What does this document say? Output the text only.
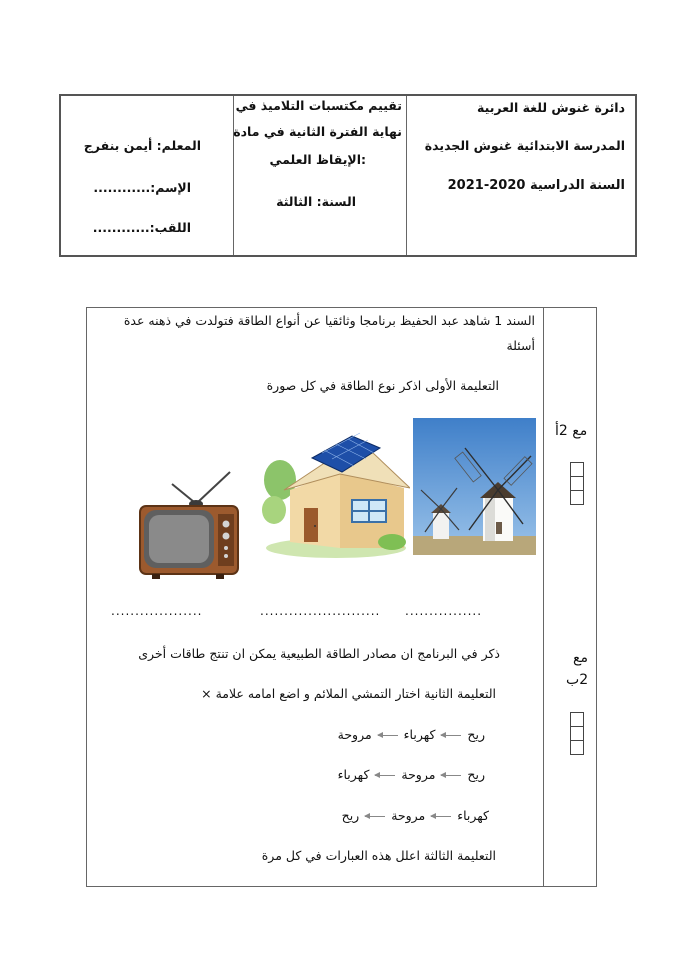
دائرة غنوش للغة العربية
المدرسة الابتدائية غنوش الجديدة
السنة الدراسية 2020-2021
تقييم مكتسبات التلاميذ في
نهاية الفترة الثانية في مادة
:الإيقاظ العلمي
السنة: الثالثة
المعلم: أيمن بنفرج
الإسم:............
اللقب:............
السند 1 شاهد عبد الحفيظ برنامجا وثائقيا عن أنواع الطاقة فتولدت في ذهنه عدة
أسئلة
التعليمة الأولى اذكر نوع الطاقة في كل صورة
مع 2أ
مع
2ب
...................	......................... ................
ذكر في البرنامج ان مصادر الطاقة الطبيعية يمكن ان تنتج طاقات أخرى
التعليمة الثانية اختار التمشي الملائم و اضع امامه علامة ×
ريح  كهرباء  مروحة
ريح  مروحة  كهرباء
كهرباء  مروحة  ريح
التعليمة الثالثة اعلل هذه العبارات في كل مرة
